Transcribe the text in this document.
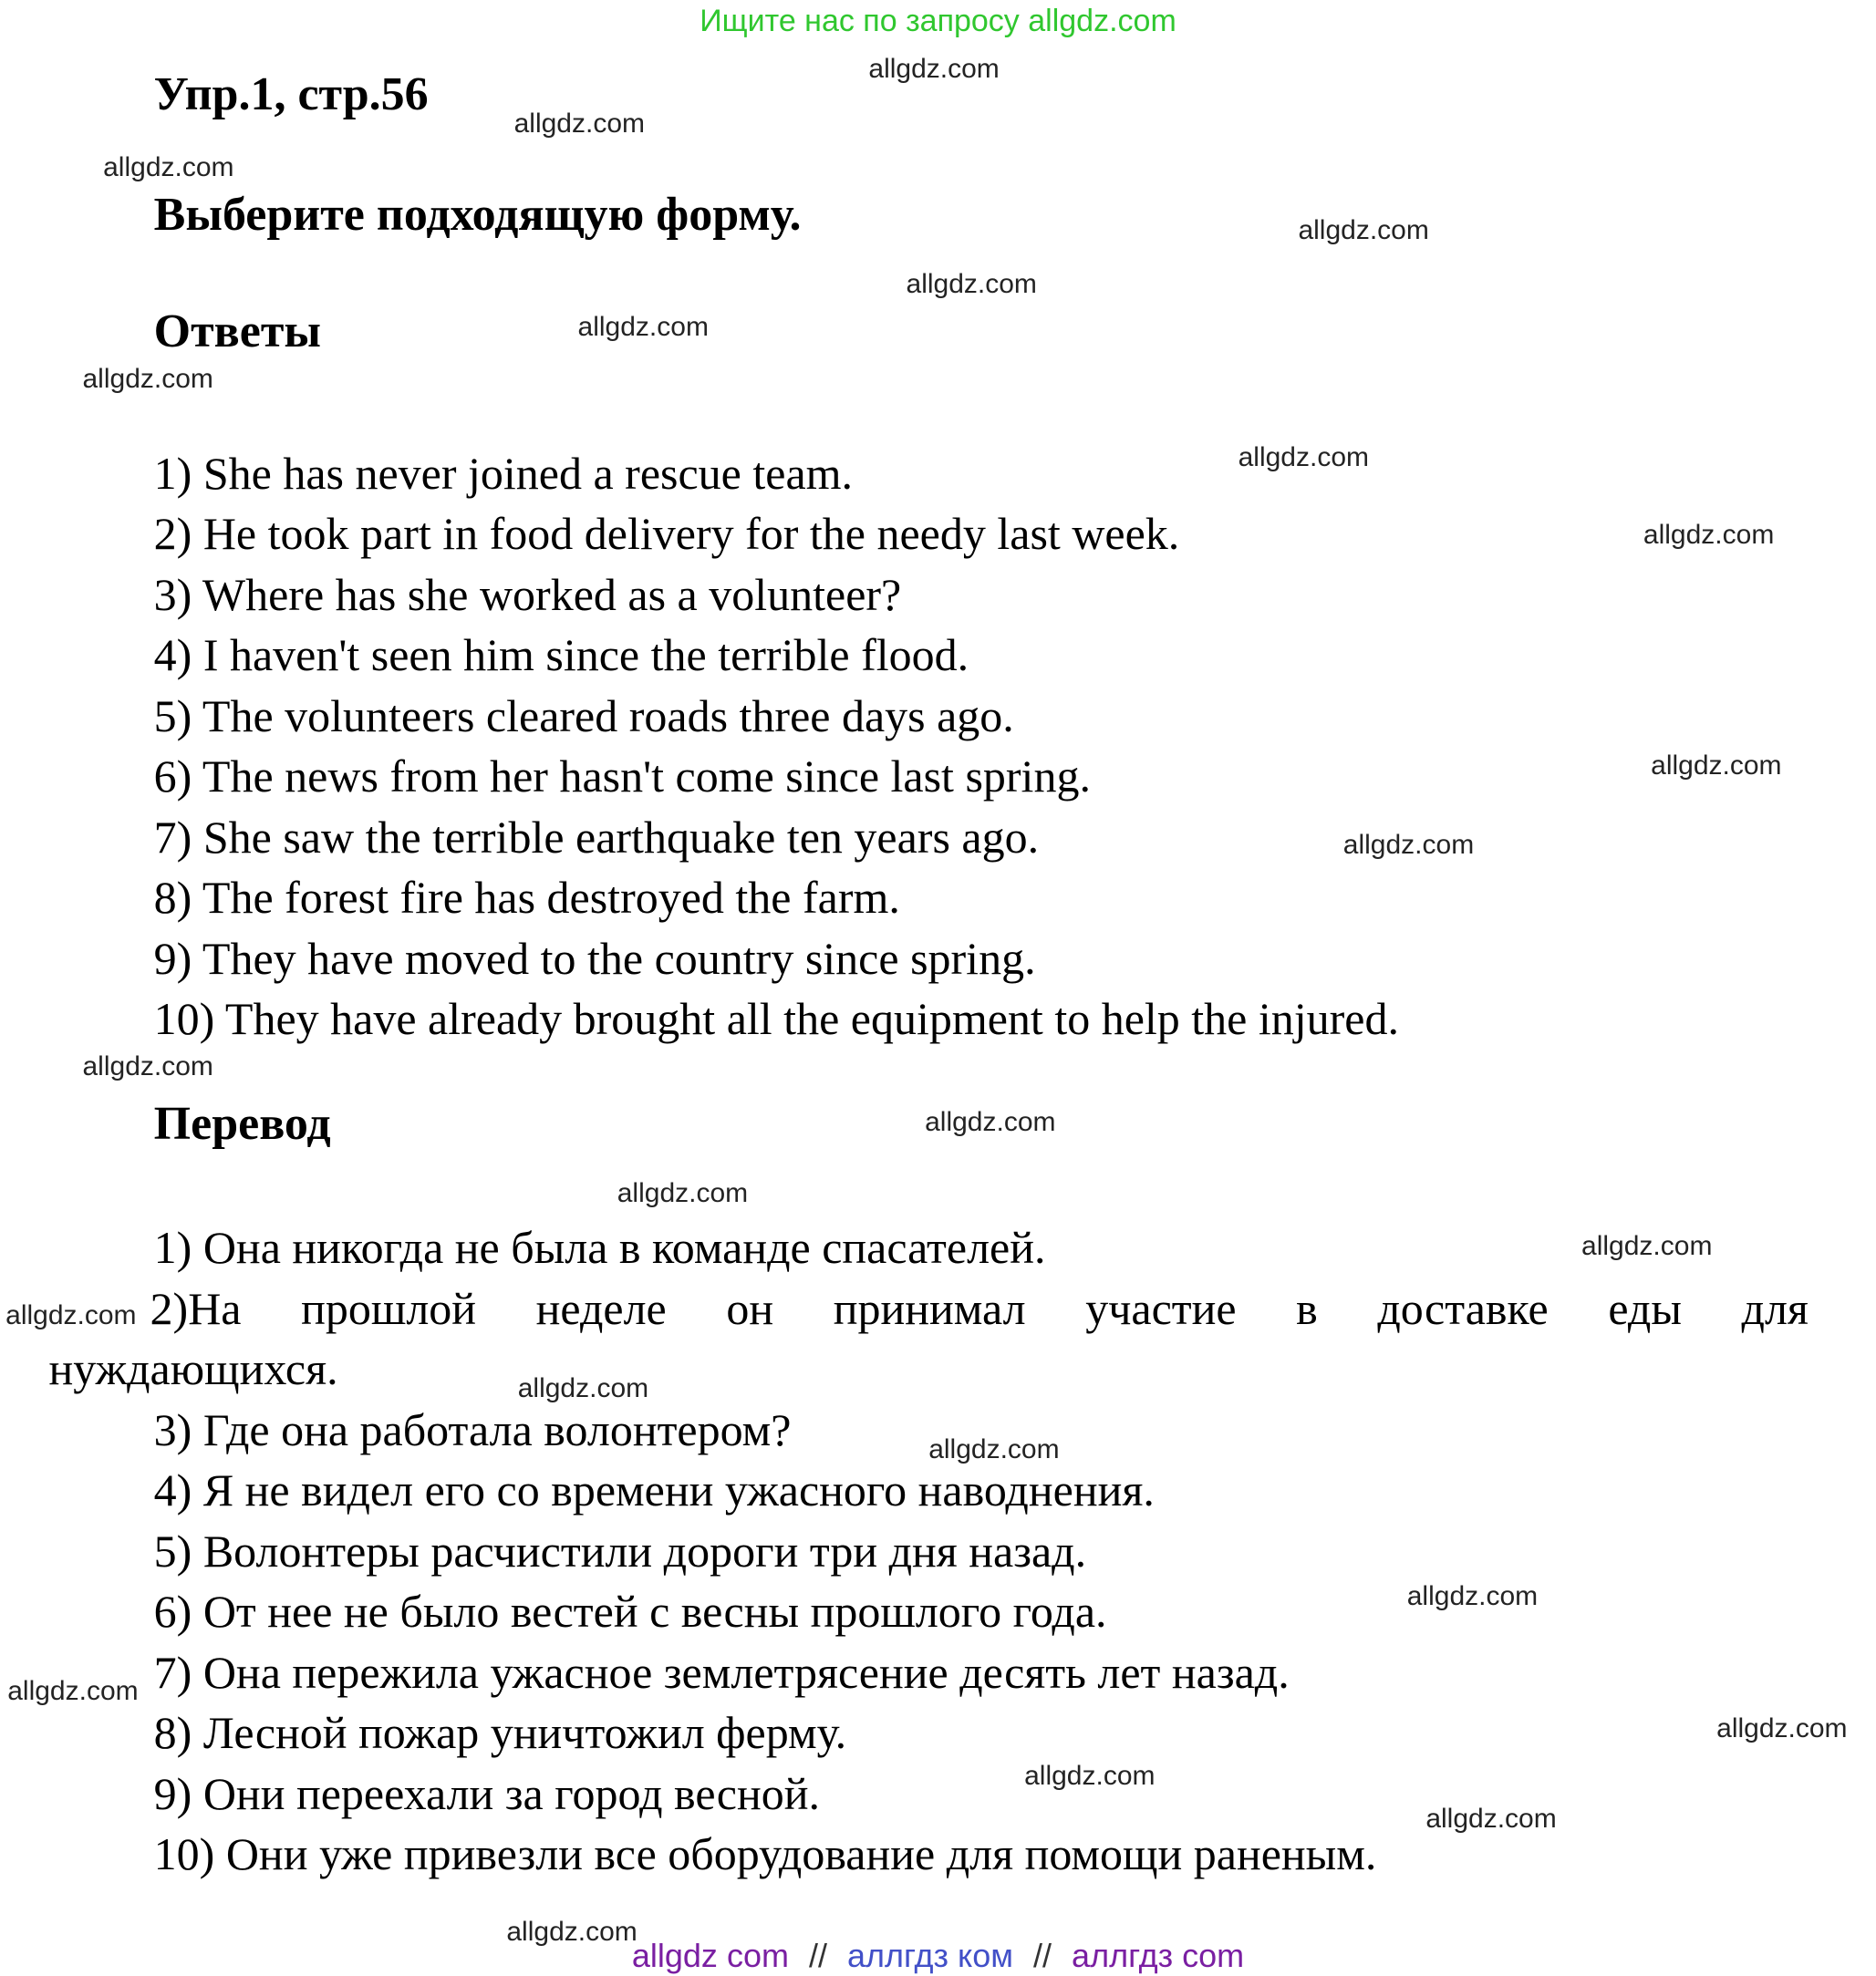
Ищите нас по запросу allgdz.com
allgdz.com
allgdz.com
allgdz.com
allgdz.com
allgdz.com
allgdz.com
allgdz.com
allgdz.com
allgdz.com
allgdz.com
allgdz.com
allgdz.com
allgdz.com
allgdz.com
allgdz.com
allgdz.com
allgdz.com
allgdz.com
allgdz.com
allgdz.com
allgdz.com
allgdz.com
allgdz.com
allgdz.com
Упр.1, стр.56
Выберите подходящую форму.
Ответы
Перевод
1) She has never joined a rescue team.
2) He took part in food delivery for the needy last week.
3) Where has she worked as a volunteer?
4) I haven't seen him since the terrible flood.
5) The volunteers cleared roads three days ago.
6) The news from her hasn't come since last spring.
7) She saw the terrible earthquake ten years ago.
8) The forest fire has destroyed the farm.
9) They have moved to the country since spring.
10) They have already brought all the equipment to help the injured.
1) Она никогда не была в команде спасателей.
2)На прошлой неделе он принимал участие в доставке еды для
нуждающихся.
3) Где она работала волонтером?
4) Я не видел его со времени ужасного наводнения.
5) Волонтеры расчистили дороги три дня назад.
6) От нее не было вестей с весны прошлого года.
7) Она пережила ужасное землетрясение десять лет назад.
8) Лесной пожар уничтожил ферму.
9) Они переехали за город весной.
10) Они уже привезли все оборудование для помощи раненым.
allgdz com // аллгдз ком // аллгдз com
